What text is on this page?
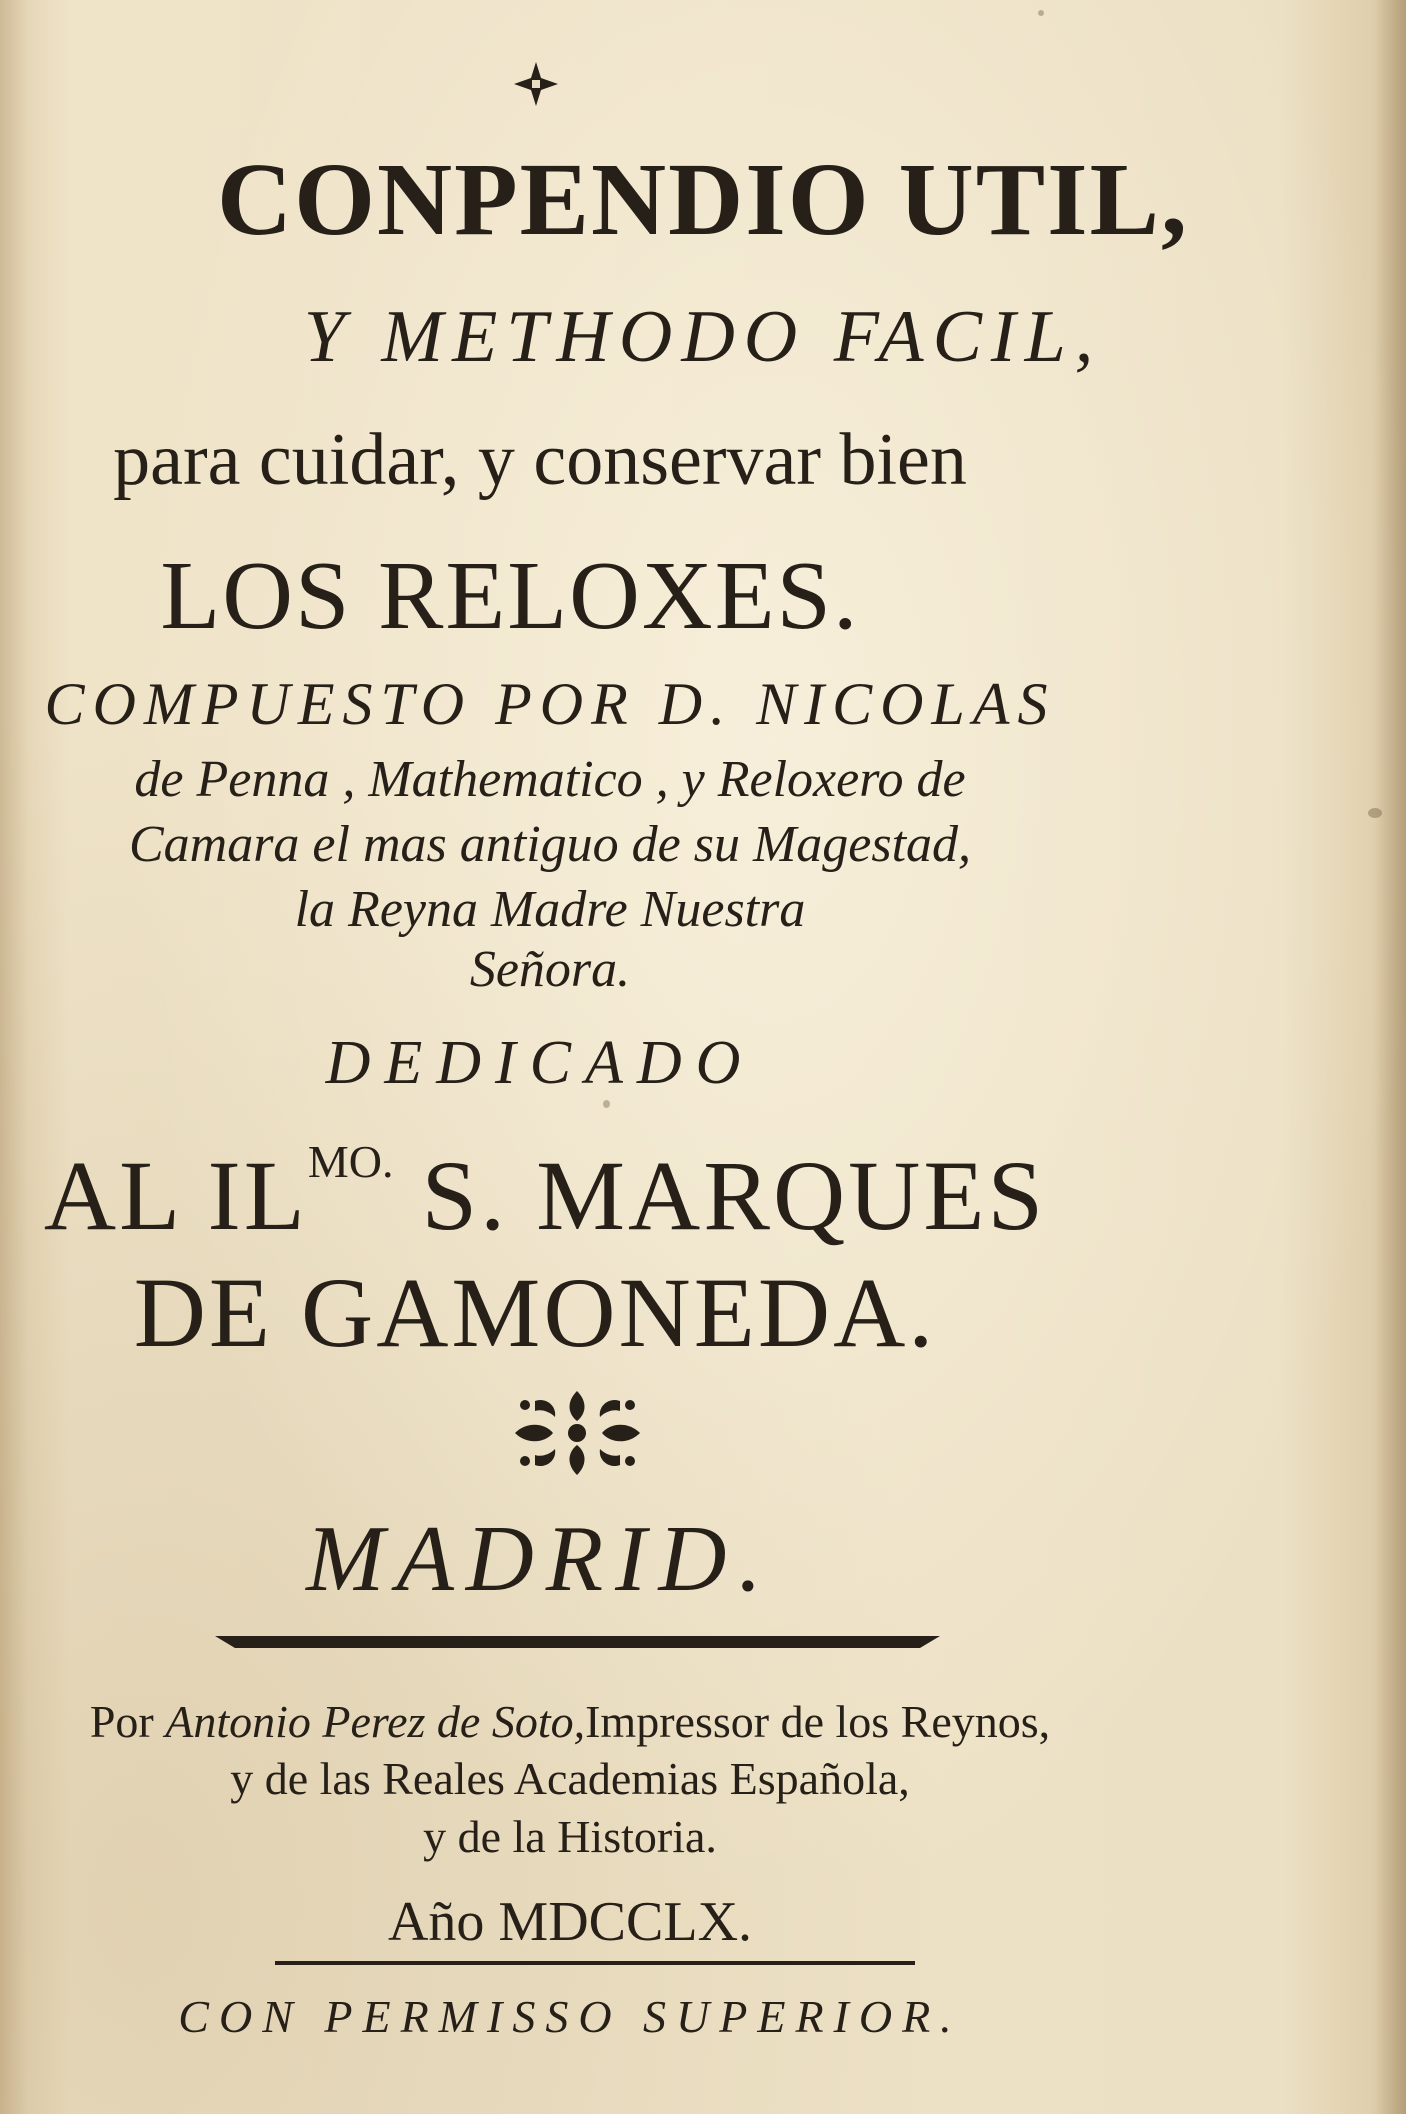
CONPENDIO UTIL,
Y METHODO FACIL,
para cuidar, y conservar bien
LOS RELOXES.
COMPUESTO POR D. NICOLAS
de Penna , Mathematico , y Reloxero de
Camara el mas antiguo de su Magestad,
la Reyna Madre Nuestra
Señora.
DEDICADO
AL $IL^{MO.}$ S. MARQUES
DE GAMONEDA.
MADRID.
Por Antonio Perez de Soto,Impressor de los Reynos,
y de las Reales Academias Española,
y de la Historia.
Año MDCCLX.
CON PERMISSO SUPERIOR.
